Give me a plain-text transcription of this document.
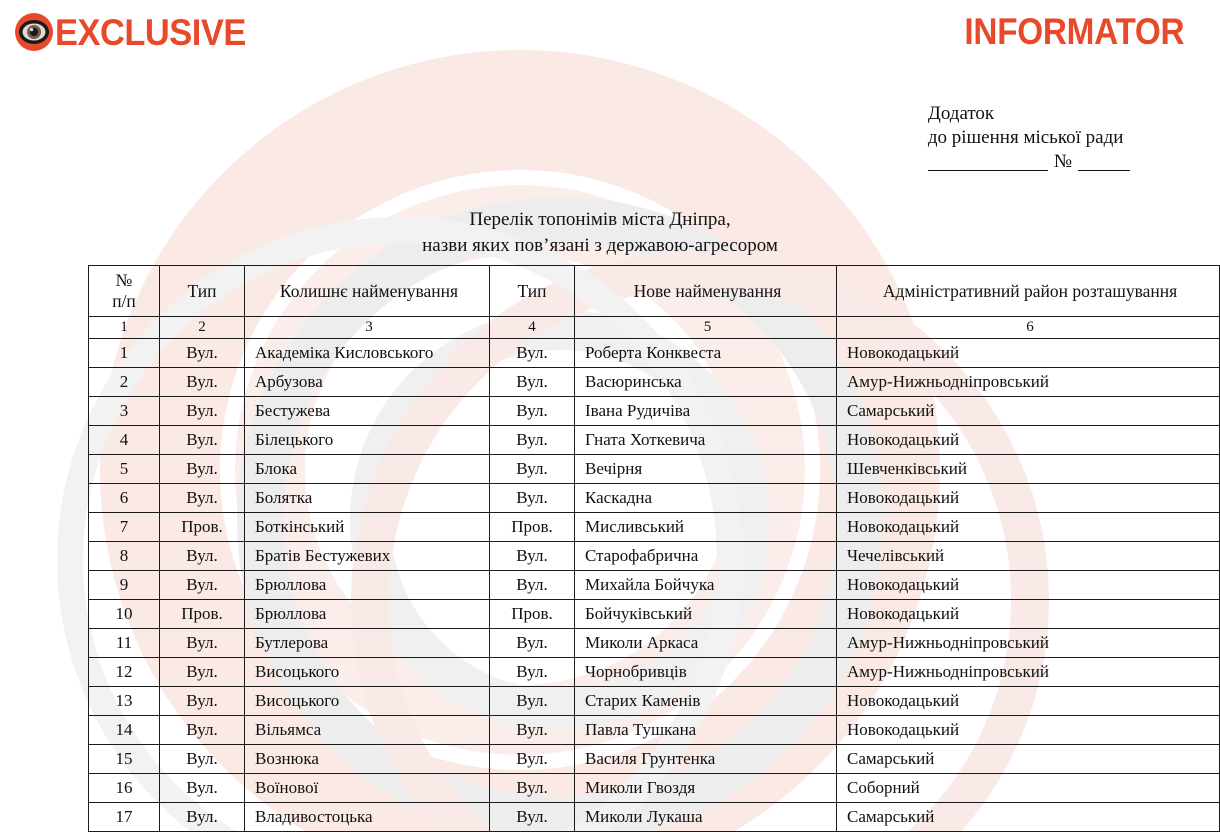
EXCLUSIVE	INFORMATOR
Додаток
до рішення міської ради
№
Перелік топонімів міста Дніпра,
назви яких пов’язані з державою-агресором
№
п/п	Тип	Колишнє найменування	Тип	Нове найменування	Адміністративний район розташування
1	2	3	4	5	6
1	Вул.	Академіка Кисловського	Вул.	Роберта Конквеста	Новокодацький
2	Вул.	Арбузова	Вул.	Васюринська	Амур-Нижньодніпровський
3	Вул.	Бестужева	Вул.	Івана Рудичіва	Самарський
4	Вул.	Білецького	Вул.	Гната Хоткевича	Новокодацький
5	Вул.	Блока	Вул.	Вечірня	Шевченківський
6	Вул.	Болятка	Вул.	Каскадна	Новокодацький
7	Пров.	Боткінський	Пров.	Мисливський	Новокодацький
8	Вул.	Братів Бестужевих	Вул.	Старофабрична	Чечелівський
9	Вул.	Брюллова	Вул.	Михайла Бойчука	Новокодацький
10	Пров.	Брюллова	Пров.	Бойчуківський	Новокодацький
11	Вул.	Бутлерова	Вул.	Миколи Аркаса	Амур-Нижньодніпровський
12	Вул.	Висоцького	Вул.	Чорнобривців	Амур-Нижньодніпровський
13	Вул.	Висоцького	Вул.	Старих Каменів	Новокодацький
14	Вул.	Вільямса	Вул.	Павла Тушкана	Новокодацький
15	Вул.	Вознюка	Вул.	Василя Грунтенка	Самарський
16	Вул.	Воїнової	Вул.	Миколи Гвоздя	Соборний
17	Вул.	Владивостоцька	Вул.	Миколи Лукаша	Самарський
